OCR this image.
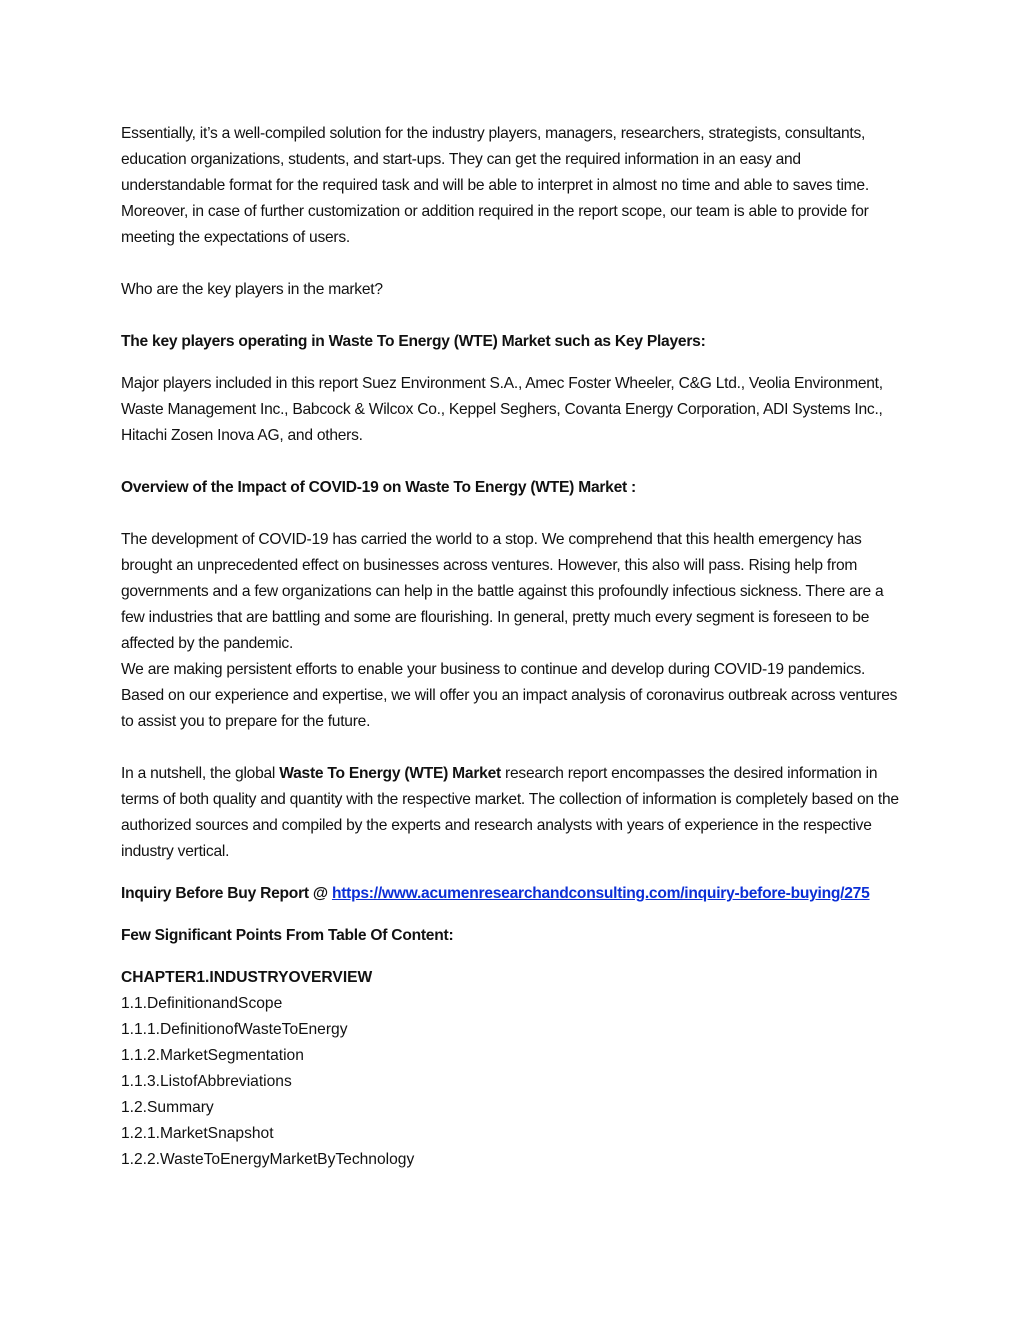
Essentially, it’s a well-compiled solution for the industry players, managers, researchers, strategists, consultants, education organizations, students, and start-ups. They can get the required information in an easy and understandable format for the required task and will be able to interpret in almost no time and able to saves time. Moreover, in case of further customization or addition required in the report scope, our team is able to provide for meeting the expectations of users.

Who are the key players in the market?

The key players operating in Waste To Energy (WTE) Market such as Key Players:

Major players included in this report Suez Environment S.A., Amec Foster Wheeler, C&G Ltd., Veolia Environment, Waste Management Inc., Babcock & Wilcox Co., Keppel Seghers, Covanta Energy Corporation, ADI Systems Inc., Hitachi Zosen Inova AG, and others.

Overview of the Impact of COVID-19 on Waste To Energy (WTE) Market :

The development of COVID-19 has carried the world to a stop. We comprehend that this health emergency has brought an unprecedented effect on businesses across ventures. However, this also will pass. Rising help from governments and a few organizations can help in the battle against this profoundly infectious sickness. There are a few industries that are battling and some are flourishing. In general, pretty much every segment is foreseen to be affected by the pandemic.

We are making persistent efforts to enable your business to continue and develop during COVID-19 pandemics. Based on our experience and expertise, we will offer you an impact analysis of coronavirus outbreak across ventures to assist you to prepare for the future.

In a nutshell, the global Waste To Energy (WTE) Market research report encompasses the desired information in terms of both quality and quantity with the respective market. The collection of information is completely based on the authorized sources and compiled by the experts and research analysts with years of experience in the respective industry vertical.

Inquiry Before Buy Report @ https://www.acumenresearchandconsulting.com/inquiry-before-buying/275

Few Significant Points From Table Of Content:

CHAPTER1.INDUSTRYOVERVIEW

1.1.DefinitionandScope

1.1.1.DefinitionofWasteToEnergy

1.1.2.MarketSegmentation

1.1.3.ListofAbbreviations

1.2.Summary

1.2.1.MarketSnapshot

1.2.2.WasteToEnergyMarketByTechnology
